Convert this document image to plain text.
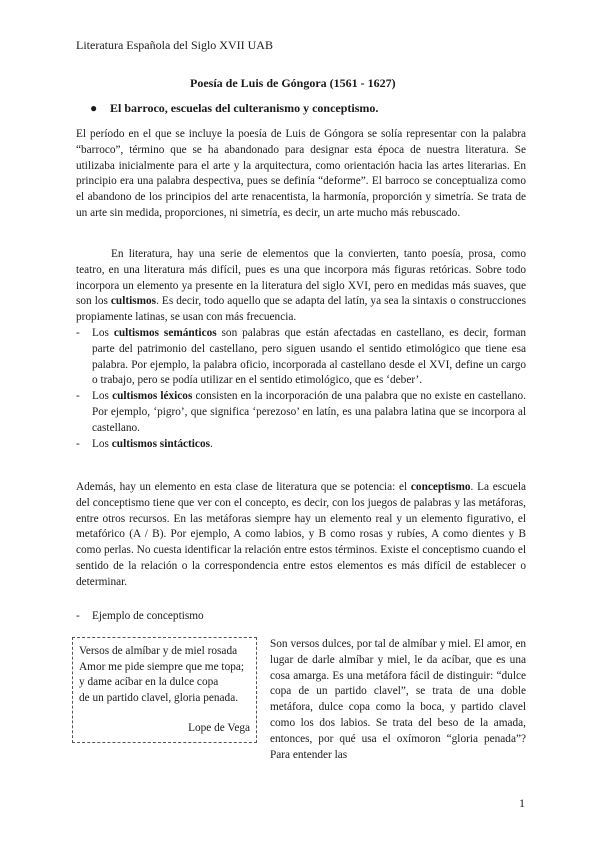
Literatura Española del Siglo XVII UAB
Poesía de Luis de Góngora (1561 - 1627)
● El barroco, escuelas del culteranismo y conceptismo.

El período en el que se incluye la poesía de Luis de Góngora se solía representar con la palabra “barroco”, término que se ha abandonado para designar esta época de nuestra literatura. Se utilizaba inicialmente para el arte y la arquitectura, como orientación hacia las artes literarias. En principio era una palabra despectiva, pues se definía “deforme”. El barroco se conceptualiza como el abandono de los principios del arte renacentista, la harmonía, proporción y simetría. Se trata de un arte sin medida, proporciones, ni simetría, es decir, un arte mucho más rebuscado.

En literatura, hay una serie de elementos que la convierten, tanto poesía, prosa, como teatro, en una literatura más difícil, pues es una que incorpora más figuras retóricas. Sobre todo incorpora un elemento ya presente en la literatura del siglo XVI, pero en medidas más suaves, que son los cultismos. Es decir, todo aquello que se adapta del latín, ya sea la sintaxis o construcciones propiamente latinas, se usan con más frecuencia.

- Los cultismos semánticos son palabras que están afectadas en castellano, es decir, forman parte del patrimonio del castellano, pero siguen usando el sentido etimológico que tiene esa palabra. Por ejemplo, la palabra oficio, incorporada al castellano desde el XVI, define un cargo o trabajo, pero se podía utilizar en el sentido etimológico, que es ‘deber’.
- Los cultismos léxicos consisten en la incorporación de una palabra que no existe en castellano. Por ejemplo, ‘pigro’, que significa ‘perezoso’ en latín, es una palabra latina que se incorpora al castellano.
- Los cultismos sintácticos.

Además, hay un elemento en esta clase de literatura que se potencia: el conceptismo. La escuela del conceptismo tiene que ver con el concepto, es decir, con los juegos de palabras y las metáforas, entre otros recursos. En las metáforas siempre hay un elemento real y un elemento figurativo, el metafórico (A / B). Por ejemplo, A como labios, y B como rosas y rubíes, A como dientes y B como perlas. No cuesta identificar la relación entre estos términos. Existe el conceptismo cuando el sentido de la relación o la correspondencia entre estos elementos es más difícil de establecer o determinar.

- Ejemplo de conceptismo
Versos de almíbar y de miel rosada
Amor me pide siempre que me topa;
y dame acíbar en la dulce copa
de un partido clavel, gloria penada.
Lope de Vega

Son versos dulces, por tal de almíbar y miel. El amor, en lugar de darle almíbar y miel, le da acíbar, que es una cosa amarga. Es una metáfora fácil de distinguir: “dulce copa de un partido clavel”, se trata de una doble metáfora, dulce copa como la boca, y partido clavel como los dos labios. Se trata del beso de la amada, entonces, por qué usa el oxímoron “gloria penada”? Para entender las

1
